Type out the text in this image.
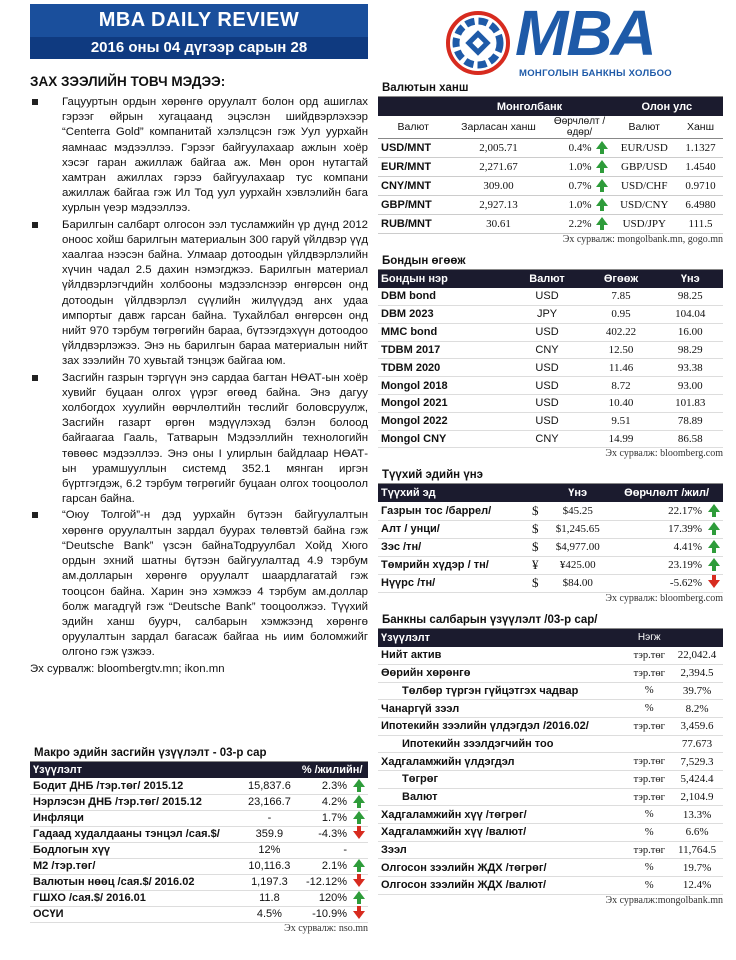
MBA DAILY REVIEW
2016 оны 04 дүгээр сарын 28	MBA
МОНГОЛЫН БАНКНЫ ХОЛБОО
ЗАХ ЗЭЭЛИЙН ТОВЧ МЭДЭЭ:
Гацууртын ордын хөрөнгө оруулалт болон орд ашиглах гэрээг өйрын хугацаанд эцэслэн шийдвэрлэхээр “Centerra Gold” компанитай хэлэлцсэн гэж Уул уурхайн яамнаас мэдээллээ. Гэрээг байгуулахаар ажлын хоёр хэсэг гаран ажиллаж байгаа аж. Мөн орон нутагтай хамтран ажиллах гэрээ байгуулахаар тус компани ажиллаж байгаа гэж Ил Тод уул уурхайн хэвлэлийн бага хурлын үеэр мэдээллээ.
Барилгын салбарт олгосон ээл тусламжийн үр дүнд 2012 оноос хойш барилгын материалын 300 гаруй үйлдвэр үүд хаалгаа нээсэн байна. Улмаар дотоодын үйлдвэрлэлийн хүчин чадал 2.5 дахин нэмэгджээ. Барилгын материал үйлдвэрлэгчдийн холбооны мэдээлснээр өнгөрсөн онд дотоодын үйлдвэрлэл сүүлийн жилүүдэд анх удаа импортыг давж гарсан байна. Тухайлбал өнгөрсөн онд нийт 970 тэрбум төгрөгийн бараа, бүтээгдэхүүн дотоодоо үйлдвэрлэжээ. Энэ нь барилгын бараа материалын нийт зах зээлийн 70 хувьтай тэнцэж байгаа юм.
Засгийн газрын тэргүүн энэ сардаа багтан НӨАТ-ын хоёр хувийг буцаан олгох үүрэг өгөөд байна. Энэ дагуу холбогдох хуулийн өөрчлөлтийн төслийг боловсруулж, Засгийн газарт өргөн мэдүүлэхэд бэлэн болоод байгаагаа Гааль, Татварын Мэдээллийн технологийн төвөөс мэдээллээ. Энэ оны I улирлын байдлаар НӨАТ-ын урамшууллын системд 352.1 мянган иргэн бүртгэгдэж, 6.2 тэрбум төгрөгийг буцаан олгох тооцоолол гарсан байна.
“Оюу Толгой”-н дэд уурхайн бүтээн байгуулалтын хөрөнгө оруулалтын зардал буурах төлөвтэй байна гэж “Deutsche Bank” үзсэн байнаТодруулбал Хойд Хюго ордын эхний шатны бүтээн байгуулалтад 4.9 тэрбум ам.долларын хөрөнгө оруулалт шаардлагатай гэж тооцсон байна. Харин энэ хэмжээ 4 тэрбум ам.доллар болж магадгүй гэж “Deutsche Bank” тооцоолжээ. Түүхий эдийн ханш буурч, салбарын хэмжээнд хөрөнгө оруулалтын зардал багасаж байгаа нь иим боломжийг олгоно гэж үзжээ.
Эх сурвалж: bloombergtv.mn; ikon.mn
Макро эдийн засгийн үзүүлэлт - 03-р сар
Үзүүлэлт		% /жилийн/	
Бодит ДНБ /тэр.төг/ 2015.12	15,837.6	2.3%	
Нэрлэсэн ДНБ /тэр.төг/ 2015.12	23,166.7	4.2%	
Инфляци	-	1.7%	
Гадаад худалдааны тэнцэл /сая.$/	359.9	-4.3%	
Бодлогын хүү	12%	-	
М2 /тэр.төг/	10,116.3	2.1%	
Валютын нөөц /сая.$/ 2016.02	1,197.3	-12.12%	
ГШХО /сая.$/ 2016.01	11.8	120%	
ОСҮИ	4.5%	-10.9%	
Эх сурвалж: nso.mn
Валютын ханш
	Монголбанк		Олон улс	
Валют	Зарласан ханш	Өөрчлөлт /өдөр/	Валют	Ханш
USD/MNT	2,005.71	0.4%	EUR/USD	1.1327
EUR/MNT	2,271.67	1.0%	GBP/USD	1.4540
CNY/MNT	309.00	0.7%	USD/CHF	0.9710
GBP/MNT	2,927.13	1.0%	USD/CNY	6.4980
RUB/MNT	30.61	2.2%	USD/JPY	111.5
Эх сурвалж: mongolbank.mn, gogo.mn
Бондын өгөөж
Бондын нэр	Валют	Өгөөж	Үнэ
DBM bond	USD	7.85	98.25
DBM 2023	JPY	0.95	104.04
MMC bond	USD	402.22	16.00
TDBM 2017	CNY	12.50	98.29
TDBM 2020	USD	11.46	93.38
Mongol 2018	USD	8.72	93.00
Mongol 2021	USD	10.40	101.83
Mongol 2022	USD	9.51	78.89
Mongol CNY	CNY	14.99	86.58
Эх сурвалж: bloomberg.com
Түүхий эдийн үнэ
Түүхий эд		Үнэ	Өөрчлөлт /жил/	
Газрын тос /баррел/	$	$45.25	22.17%	
Алт / унци/	$	$1,245.65	17.39%	
Зэс /тн/	$	$4,977.00	4.41%	
Төмрийн хүдэр / тн/	¥	¥425.00	23.19%	
Нүүрс /тн/	$	$84.00	-5.62%	
Эх сурвалж: bloomberg.com
Банкны салбарын үзүүлэлт /03-р сар/
Үзүүлэлт	Нэгж	
Нийт актив	тэр.төг	22,042.4
Өөрийн хөрөнгө	тэр.төг	2,394.5
Төлбөр түргэн гүйцэтгэх чадвар	%	39.7%
Чанаргүй зээл	%	8.2%
Ипотекийн зээлийн үлдэгдэл /2016.02/	тэр.төг	3,459.6
Ипотекийн зээлдэгчийн тоо		77.673
Хадгаламжийн үлдэгдэл	тэр.төг	7,529.3
Төгрөг	тэр.төг	5,424.4
Валют	тэр.төг	2,104.9
Хадгаламжийн хүү /төгрөг/	%	13.3%
Хадгаламжийн хүү /валют/	%	6.6%
Зээл	тэр.төг	11,764.5
Олгосон зээлийн ЖДХ /төгрөг/	%	19.7%
Олгосон зээлийн ЖДХ /валют/	%	12.4%
Эх сурвалж:mongolbank.mn
